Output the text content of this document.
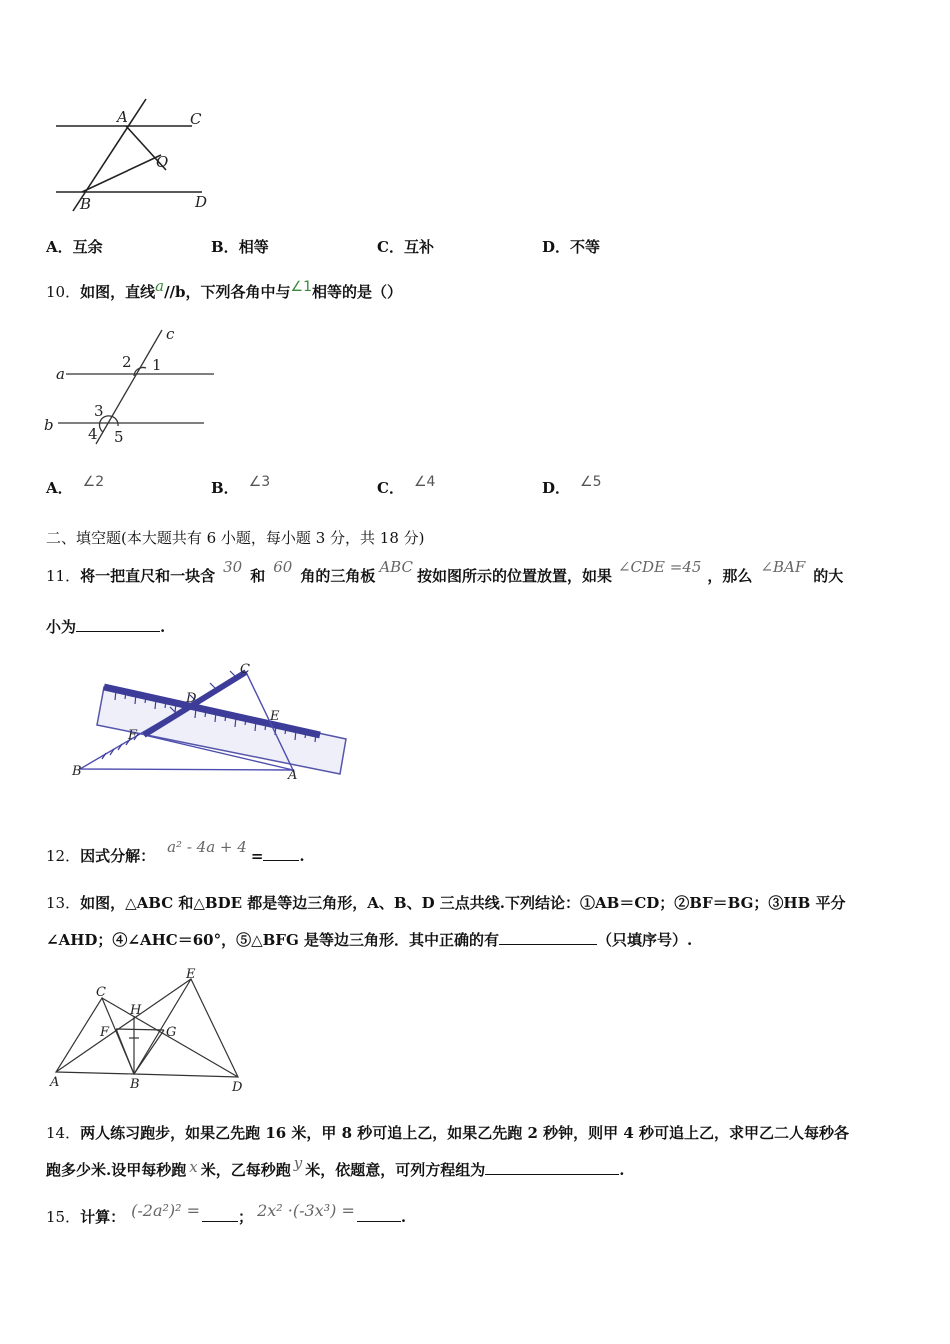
A	C
O
B	D
A．互余	B．相等	C．互补	D．不等
10．如图，直线a//b，下列各角中与∠1相等的是（）
c
a
b
2 1
3
4 5
A． ∠2	B． ∠3	C． ∠4	D． ∠5
二、填空题(本大题共有 6 小题，每小题 3 分，共 18 分)
11．将一把直尺和一块含 30 和 60 角的三角板 ABC 按如图所示的位置放置，如果 ∠CDE =45 ，那么 ∠BAF 的大
小为	.
C
D
E
F
B	A
12．因式分解： a² - 4a + 4 = .
13．如图，△ABC 和△BDE 都是等边三角形，A、B、D 三点共线.下列结论：①AB＝CD；②BF＝BG；③HB 平分
∠AHD；④∠AHC＝60°，⑤△BFG 是等边三角形．其中正确的有	（只填序号）.
C
E
H
F	G
A	B	D
14．两人练习跑步，如果乙先跑 16 米，甲 8 秒可追上乙，如果乙先跑 2 秒钟，则甲 4 秒可追上乙，求甲乙二人每秒各
跑多少米.设甲每秒跑 x 米，乙每秒跑 y 米，依题意，可列方程组为	.
15．计算： (-2a²)² =	； 2x² ·(-3x³) =	.
